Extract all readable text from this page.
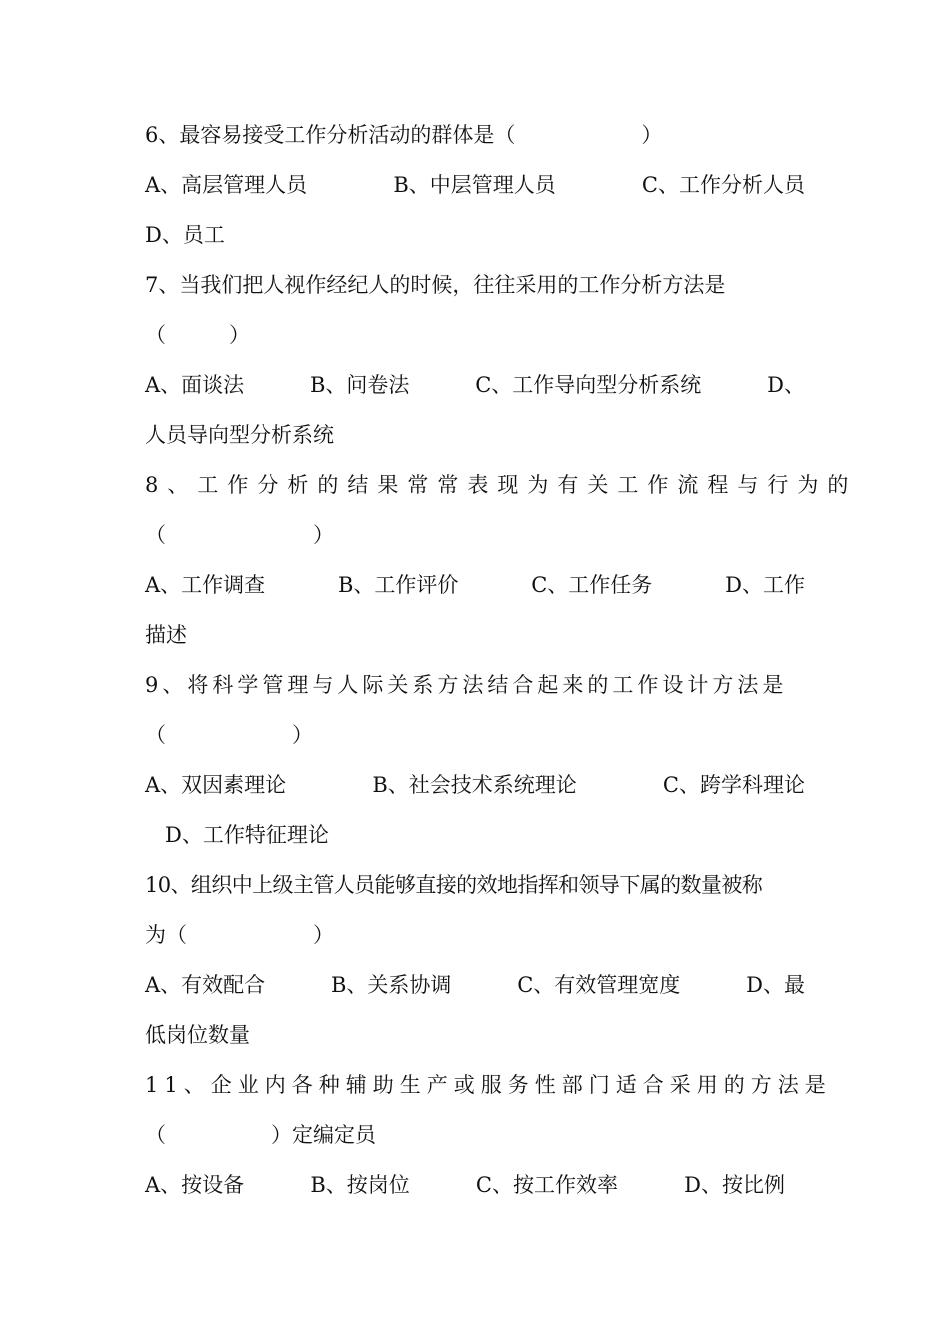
6、最容易接受工作分析活动的群体是（　　　　　　）
A、高层管理人员	B、中层管理人员	C、工作分析人员
D、员工
7、当我们把人视作经纪人的时候，往往采用的工作分析方法是
（　　　）
A、面谈法	B、问卷法	C、工作导向型分析系统	D、
人员导向型分析系统
8、工作分析的结果常常表现为有关工作流程与行为的
（　　　　　　　）
A、工作调查	B、工作评价	C、工作任务	D、工作
描述
9、将科学管理与人际关系方法结合起来的工作设计方法是
（　　　　　　）
A、双因素理论	B、社会技术系统理论	C、跨学科理论
D、工作特征理论
10、组织中上级主管人员能够直接的效地指挥和领导下属的数量被称
为（　　　　　　）
A、有效配合	B、关系协调	C、有效管理宽度	D、最
低岗位数量
11、企业内各种辅助生产或服务性部门适合采用的方法是
（　　　　　）定编定员
A、按设备	B、按岗位	C、按工作效率	D、按比例
